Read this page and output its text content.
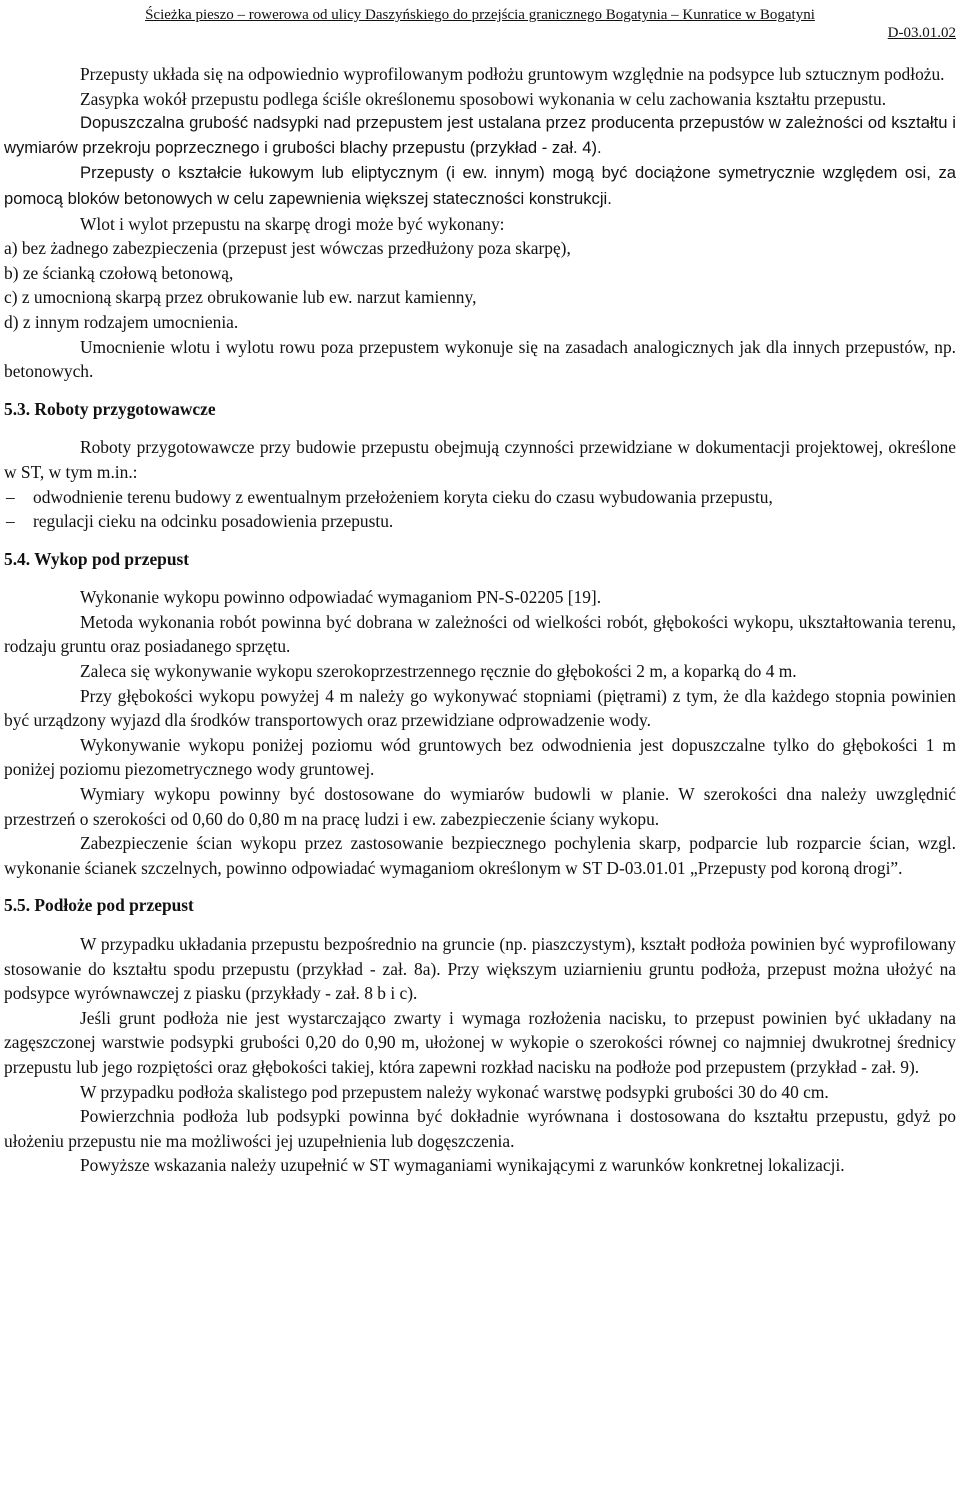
Ścieżka pieszo – rowerowa od ulicy Daszyńskiego do przejścia granicznego Bogatynia – Kunratice w Bogatyni
D-03.01.02

Przepusty układa się na odpowiednio wyprofilowanym podłożu gruntowym względnie na podsypce lub sztucznym podłożu.

Zasypka wokół przepustu podlega ściśle określonemu sposobowi wykonania w celu zachowania kształtu przepustu.

Dopuszczalna grubość nadsypki nad przepustem jest ustalana przez producenta przepustów w zależności od kształtu i wymiarów przekroju poprzecznego i grubości blachy przepustu (przykład - zał. 4).

Przepusty o kształcie łukowym lub eliptycznym (i ew. innym) mogą być dociążone symetrycznie względem osi, za pomocą bloków betonowych w celu zapewnienia większej stateczności konstrukcji.

Wlot i wylot przepustu na skarpę drogi może być wykonany:

a) bez żadnego zabezpieczenia (przepust jest wówczas przedłużony poza skarpę),

b) ze ścianką czołową betonową,

c) z umocnioną skarpą przez obrukowanie lub ew. narzut kamienny,

d) z innym rodzajem umocnienia.

Umocnienie wlotu i wylotu rowu poza przepustem wykonuje się na zasadach analogicznych jak dla innych przepustów, np. betonowych.

5.3. Roboty przygotowawcze

Roboty przygotowawcze przy budowie przepustu obejmują czynności przewidziane w dokumentacji projektowej, określone w ST, w tym m.in.:

– odwodnienie terenu budowy z ewentualnym przełożeniem koryta cieku do czasu wybudowania przepustu,
– regulacji cieku na odcinku posadowienia przepustu.

5.4. Wykop pod przepust

Wykonanie wykopu powinno odpowiadać wymaganiom PN-S-02205 [19].

Metoda wykonania robót powinna być dobrana w zależności od wielkości robót, głębokości wykopu, ukształtowania terenu, rodzaju gruntu oraz posiadanego sprzętu.

Zaleca się wykonywanie wykopu szerokoprzestrzennego ręcznie do głębokości 2 m, a koparką do 4 m.

Przy głębokości wykopu powyżej 4 m należy go wykonywać stopniami (piętrami) z tym, że dla każdego stopnia powinien być urządzony wyjazd dla środków transportowych oraz przewidziane odprowadzenie wody.

Wykonywanie wykopu poniżej poziomu wód gruntowych bez odwodnienia jest dopuszczalne tylko do głębokości 1 m poniżej poziomu piezometrycznego wody gruntowej.

Wymiary wykopu powinny być dostosowane do wymiarów budowli w planie. W szerokości dna należy uwzględnić przestrzeń o szerokości od 0,60 do 0,80 m na pracę ludzi i ew. zabezpieczenie ściany wykopu.

Zabezpieczenie ścian wykopu przez zastosowanie bezpiecznego pochylenia skarp, podparcie lub rozparcie ścian, wzgl. wykonanie ścianek szczelnych, powinno odpowiadać wymaganiom określonym w ST D-03.01.01 „Przepusty pod koroną drogi”.

5.5. Podłoże pod przepust

W przypadku układania przepustu bezpośrednio na gruncie (np. piaszczystym), kształt podłoża powinien być wyprofilowany stosowanie do kształtu spodu przepustu (przykład - zał. 8a). Przy większym uziarnieniu gruntu podłoża, przepust można ułożyć na podsypce wyrównawczej z piasku (przykłady - zał. 8 b i c).

Jeśli grunt podłoża nie jest wystarczająco zwarty i wymaga rozłożenia nacisku, to przepust powinien być układany na zagęszczonej warstwie podsypki grubości 0,20 do 0,90 m, ułożonej w wykopie o szerokości równej co najmniej dwukrotnej średnicy przepustu lub jego rozpiętości oraz głębokości takiej, która zapewni rozkład nacisku na podłoże pod przepustem (przykład - zał. 9).

W przypadku podłoża skalistego pod przepustem należy wykonać warstwę podsypki grubości 30 do 40 cm.

Powierzchnia podłoża lub podsypki powinna być dokładnie wyrównana i dostosowana do kształtu przepustu, gdyż po ułożeniu przepustu nie ma możliwości jej uzupełnienia lub dogęszczenia.

Powyższe wskazania należy uzupełnić w ST wymaganiami wynikającymi z warunków konkretnej lokalizacji.
